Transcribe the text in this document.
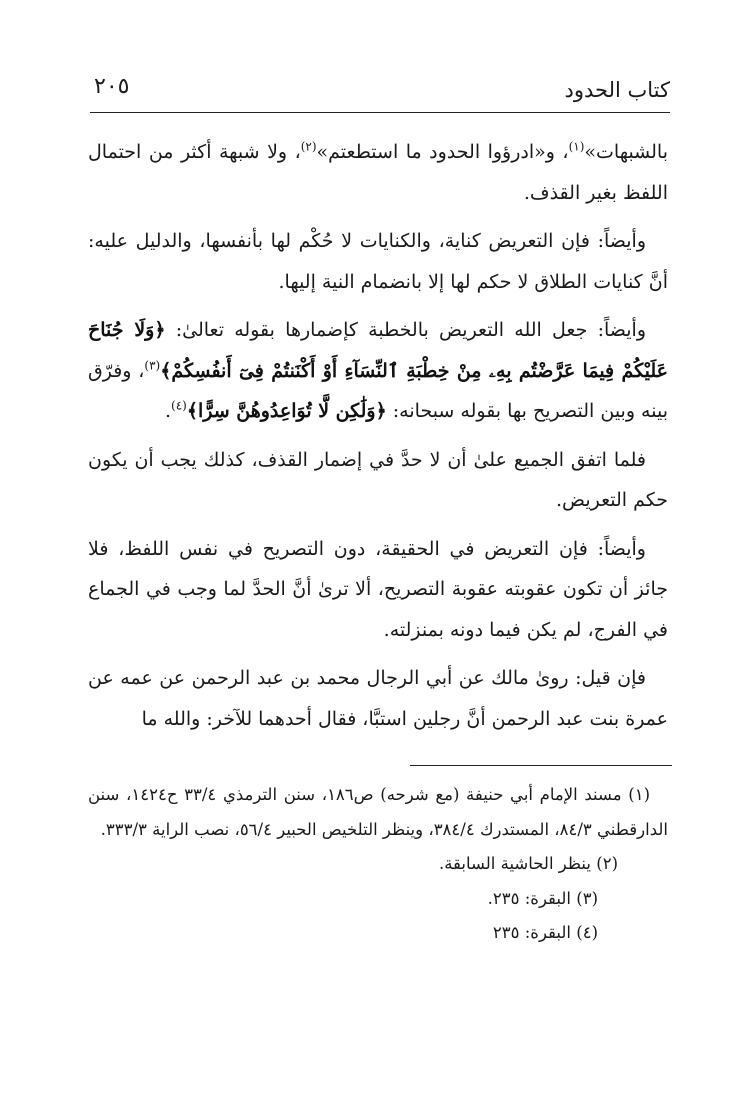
كتاب الحدود
٢٠٥

بالشبهات»$^{(١)}$، و«ادرؤوا الحدود ما استطعتم»$^{(٢)}$، ولا شبهة أكثر من احتمال اللفظ بغير القذف.

وأيضاً: فإن التعريض كناية، والكنايات لا حُكْم لها بأنفسها، والدليل عليه: أنَّ كنايات الطلاق لا حكم لها إلا بانضمام النية إليها.

وأيضاً: جعل الله التعريض بالخطبة كإضمارها بقوله تعالىٰ: ﴿وَلَا جُنَاحَ عَلَيْكُمْ فِيمَا عَرَّضْتُم بِهِۦ مِنْ خِطْبَةِ ٱلنِّسَآءِ أَوْ أَكْنَنتُمْ فِىٓ أَنفُسِكُمْ﴾$^{(٣)}$، وفرّق بينه وبين التصريح بها بقوله سبحانه: ﴿وَلَٰكِن لَّا تُوَاعِدُوهُنَّ سِرًّا﴾$^{(٤)}$.

فلما اتفق الجميع علىٰ أن لا حدَّ في إضمار القذف، كذلك يجب أن يكون حكم التعريض.

وأيضاً: فإن التعريض في الحقيقة، دون التصريح في نفس اللفظ، فلا جائز أن تكون عقوبته عقوبة التصريح، ألا ترىٰ أنَّ الحدَّ لما وجب في الجماع في الفرج، لم يكن فيما دونه بمنزلته.

فإن قيل: روىٰ مالك عن أبي الرجال محمد بن عبد الرحمن عن عمه عن عمرة بنت عبد الرحمن أنَّ رجلين استبَّا، فقال أحدهما للآخر: والله ما

(١) مسند الإمام أبي حنيفة (مع شرحه) ص١٨٦، سنن الترمذي ٣٣/٤ ح١٤٢٤، سنن الدارقطني ٨٤/٣، المستدرك ٣٨٤/٤، وينظر التلخيص الحبير ٥٦/٤، نصب الراية ٣٣٣/٣.

(٢) ينظر الحاشية السابقة.

(٣) البقرة: ٢٣٥.

(٤) البقرة: ٢٣٥
